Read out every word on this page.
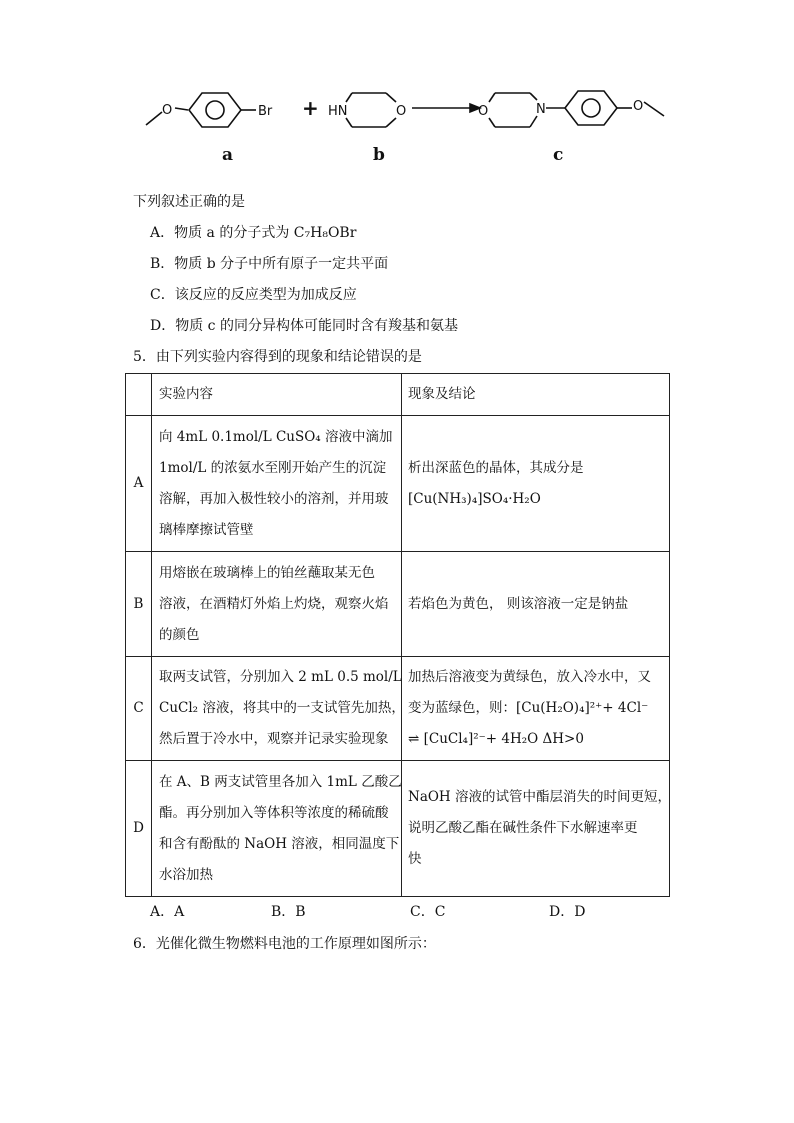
O	Br + HN	O	O	N	O
a	b	c
下列叙述正确的是
A．物质 a 的分子式为 C₇H₈OBr
B．物质 b 分子中所有原子一定共平面
C．该反应的反应类型为加成反应
D．物质 c 的同分异构体可能同时含有羧基和氨基
5．由下列实验内容得到的现象和结论错误的是
	实验内容	现象及结论
A	向 4mL 0.1mol/L CuSO₄ 溶液中滴加
1mol/L 的浓氨水至刚开始产生的沉淀
溶解，再加入极性较小的溶剂，并用玻
璃棒摩擦试管壁	析出深蓝色的晶体，其成分是
[Cu(NH₃)₄]SO₄·H₂O

B	用熔嵌在玻璃棒上的铂丝蘸取某无色
溶液，在酒精灯外焰上灼烧，观察火焰
的颜色	若焰色为黄色， 则该溶液一定是钠盐

C	取两支试管，分别加入 2 mL 0.5 mol/L
CuCl₂ 溶液，将其中的一支试管先加热，
然后置于冷水中，观察并记录实验现象	加热后溶液变为黄绿色，放入冷水中，又
变为蓝绿色，则：[Cu(H₂O)₄]²⁺+ 4Cl⁻
⇌ [CuCl₄]²⁻+ 4H₂O ΔH>0

D	在 A、B 两支试管里各加入 1mL 乙酸乙
酯。再分别加入等体积等浓度的稀硫酸
和含有酚酞的 NaOH 溶液，相同温度下
水浴加热	NaOH 溶液的试管中酯层消失的时间更短，
说明乙酸乙酯在碱性条件下水解速率更
快
A．A	B．B	C．C	D．D
6．光催化微生物燃料电池的工作原理如图所示：
